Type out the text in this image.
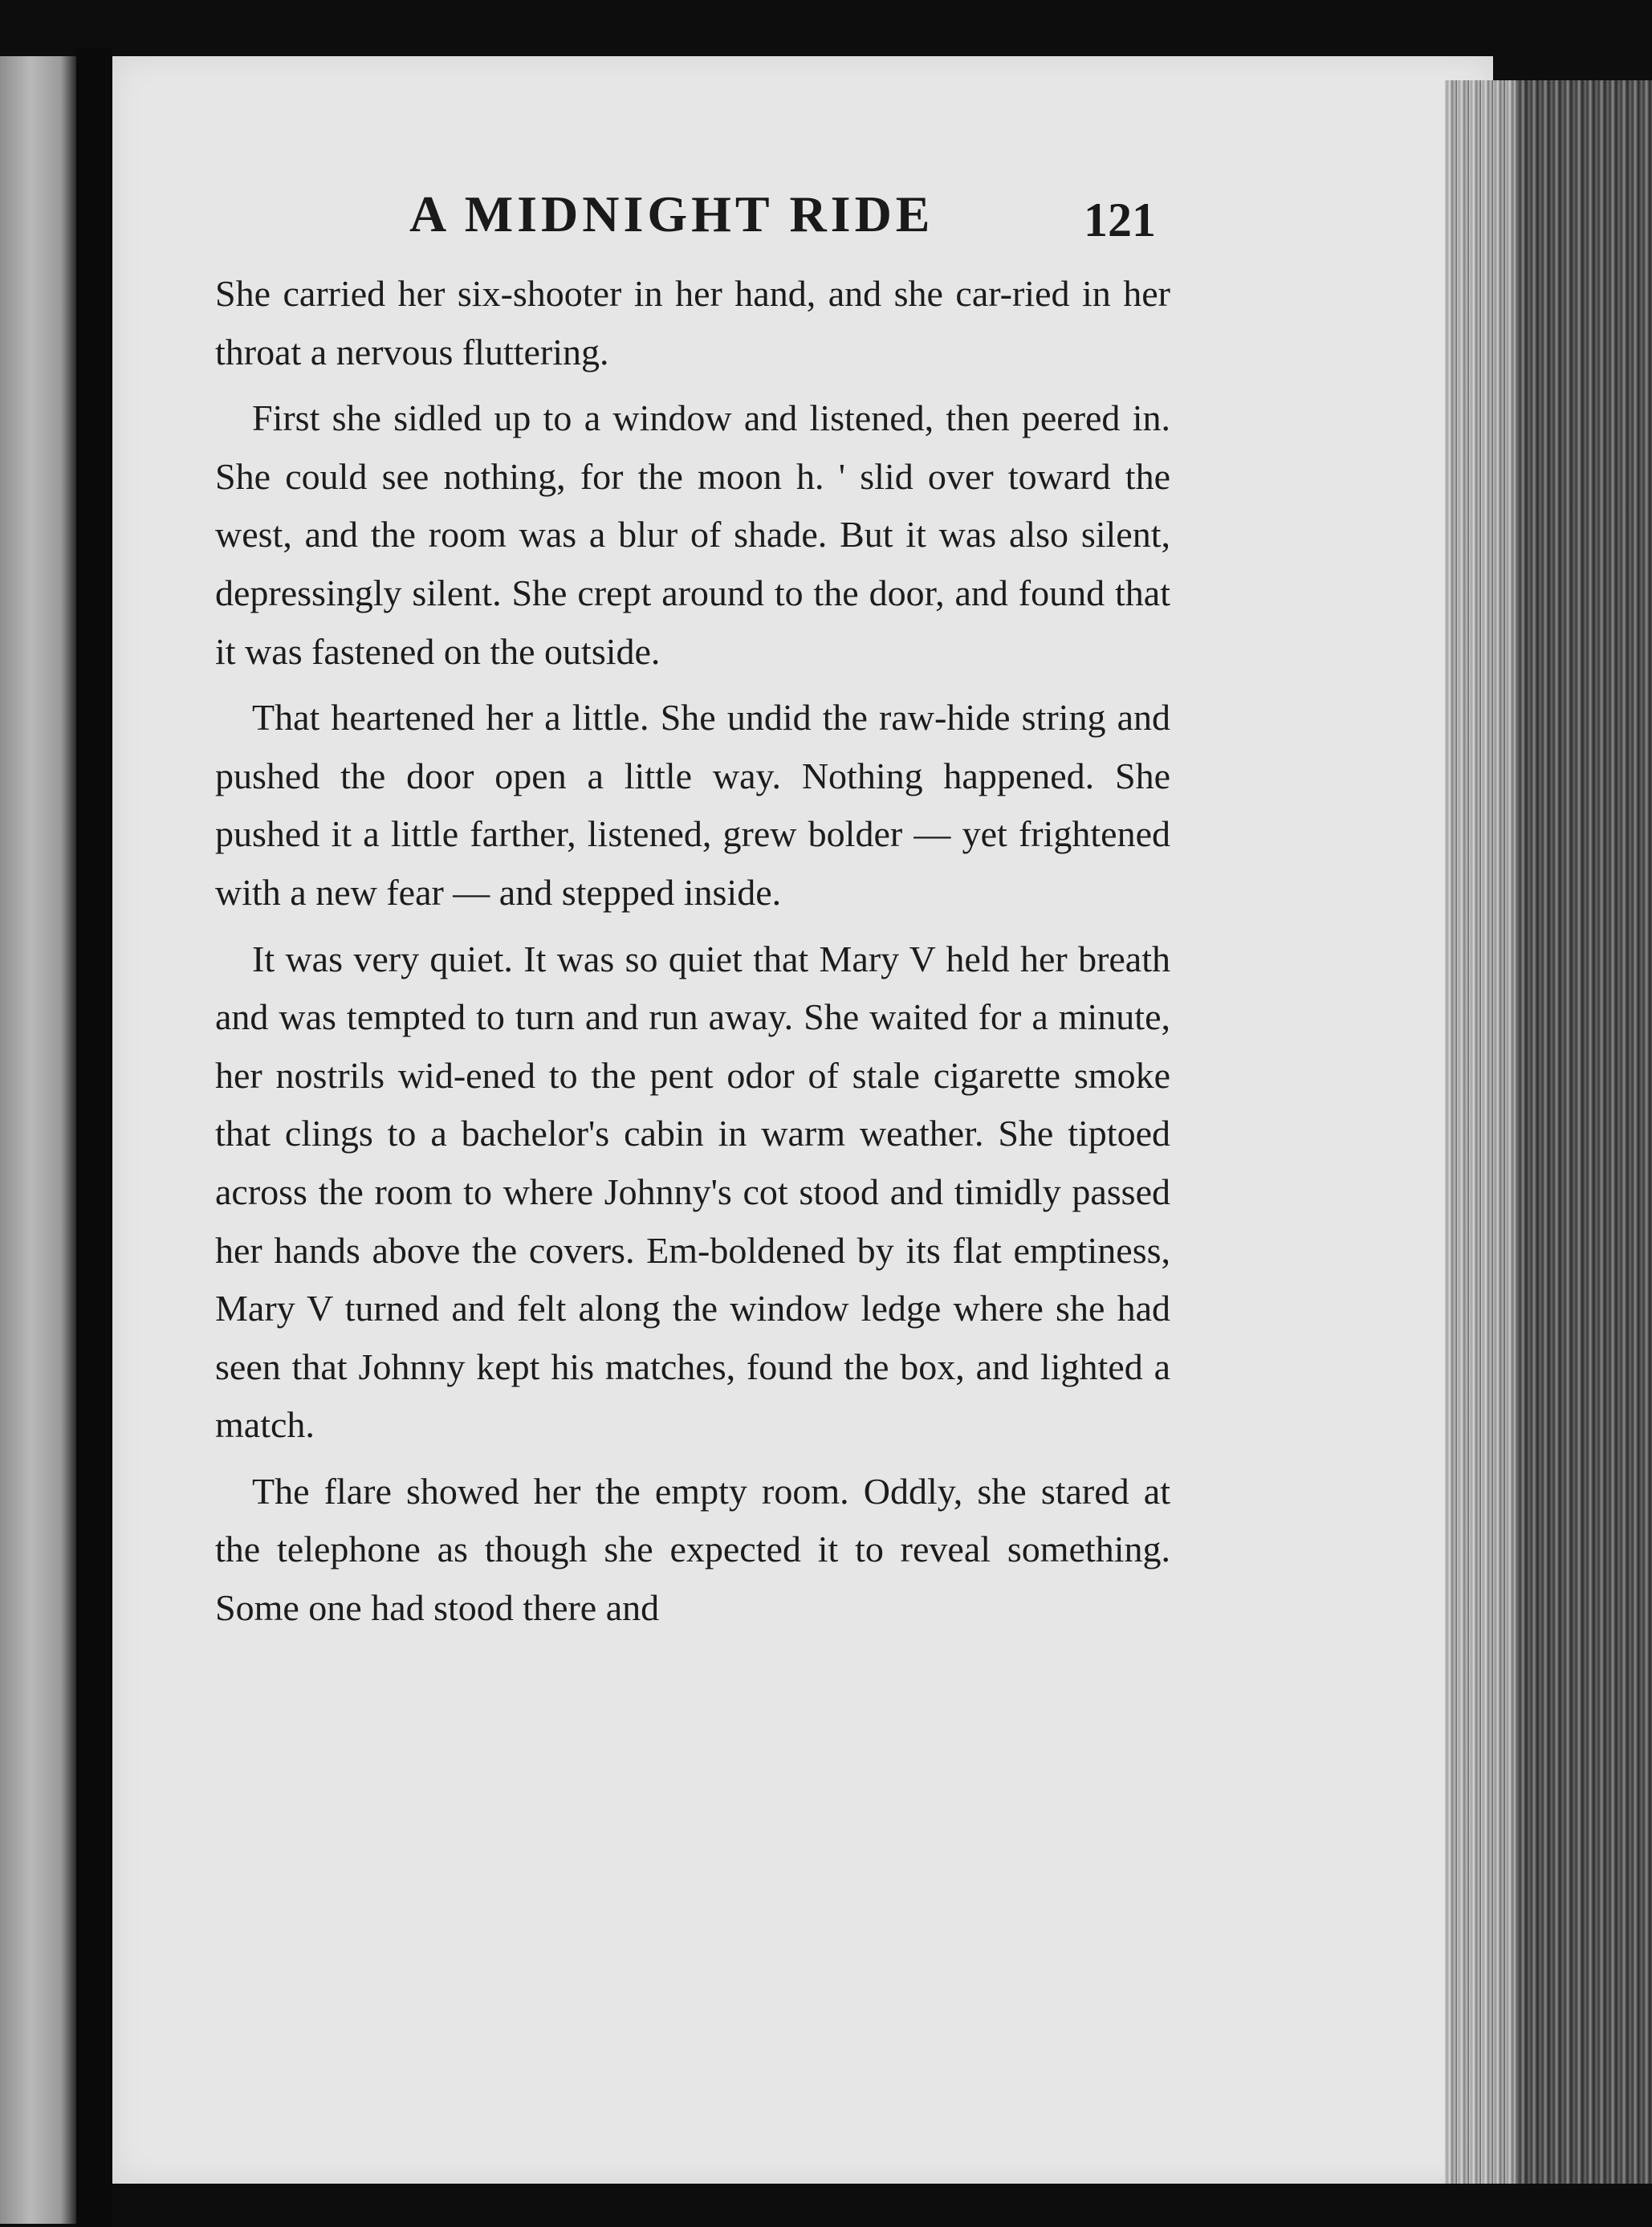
A MIDNIGHT RIDE	121

She carried her six-shooter in her hand, and she car-ried in her throat a nervous fluttering.

First she sidled up to a window and listened, then peered in. She could see nothing, for the moon h. ' slid over toward the west, and the room was a blur of shade. But it was also silent, depressingly silent. She crept around to the door, and found that it was fastened on the outside.

That heartened her a little. She undid the raw-hide string and pushed the door open a little way. Nothing happened. She pushed it a little farther, listened, grew bolder — yet frightened with a new fear — and stepped inside.

It was very quiet. It was so quiet that Mary V held her breath and was tempted to turn and run away. She waited for a minute, her nostrils wid-ened to the pent odor of stale cigarette smoke that clings to a bachelor's cabin in warm weather. She tiptoed across the room to where Johnny's cot stood and timidly passed her hands above the covers. Em-boldened by its flat emptiness, Mary V turned and felt along the window ledge where she had seen that Johnny kept his matches, found the box, and lighted a match.

The flare showed her the empty room. Oddly, she stared at the telephone as though she expected it to reveal something. Some one had stood there and
